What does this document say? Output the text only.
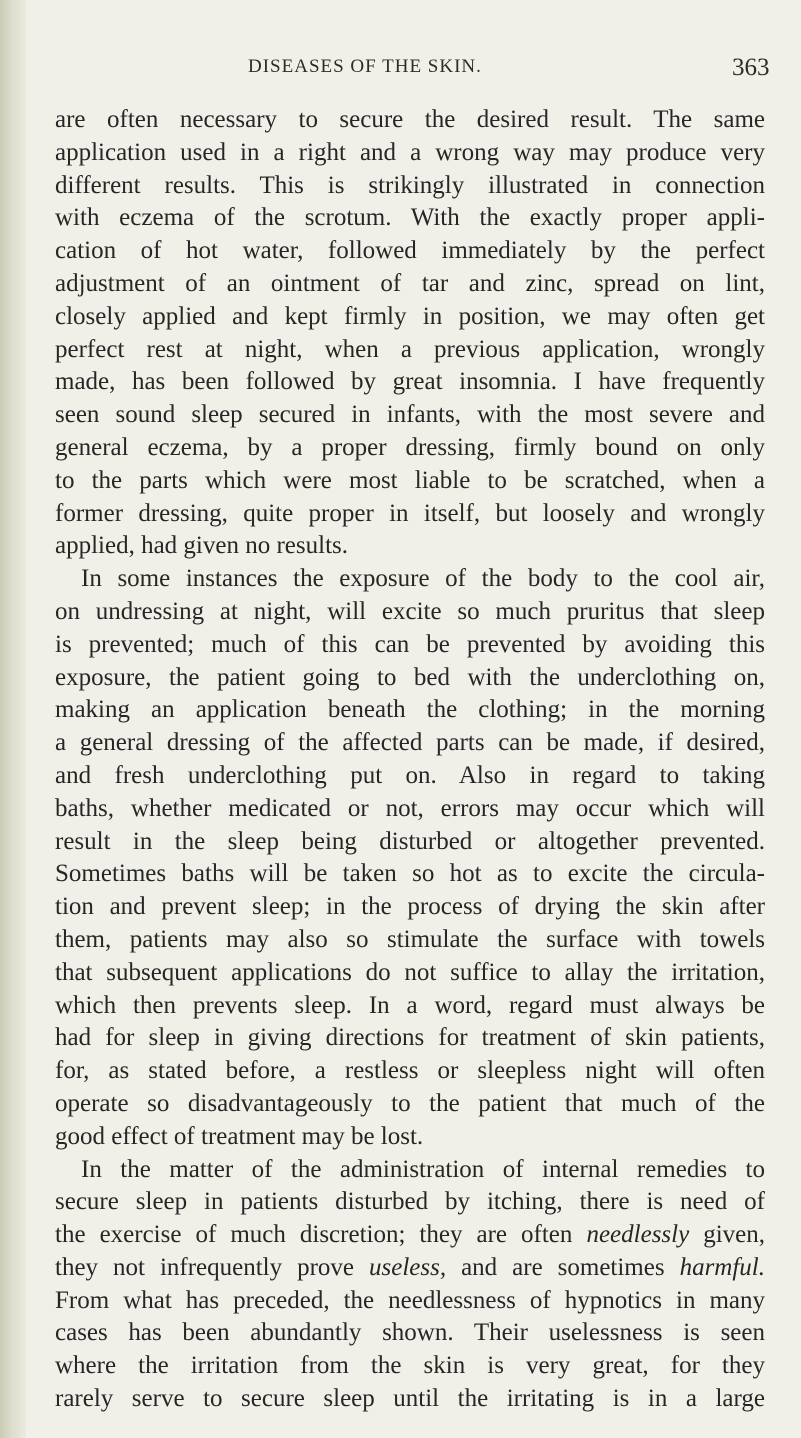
DISEASES OF THE SKIN.	363
are often necessary to secure the desired result. The same
application used in a right and a wrong way may produce very
different results. This is strikingly illustrated in connection
with eczema of the scrotum. With the exactly proper appli-
cation of hot water, followed immediately by the perfect
adjustment of an ointment of tar and zinc, spread on lint,
closely applied and kept firmly in position, we may often get
perfect rest at night, when a previous application, wrongly
made, has been followed by great insomnia. I have frequently
seen sound sleep secured in infants, with the most severe and
general eczema, by a proper dressing, firmly bound on only
to the parts which were most liable to be scratched, when a
former dressing, quite proper in itself, but loosely and wrongly
applied, had given no results.
In some instances the exposure of the body to the cool air,
on undressing at night, will excite so much pruritus that sleep
is prevented; much of this can be prevented by avoiding this
exposure, the patient going to bed with the underclothing on,
making an application beneath the clothing; in the morning
a general dressing of the affected parts can be made, if desired,
and fresh underclothing put on. Also in regard to taking
baths, whether medicated or not, errors may occur which will
result in the sleep being disturbed or altogether prevented.
Sometimes baths will be taken so hot as to excite the circula-
tion and prevent sleep; in the process of drying the skin after
them, patients may also so stimulate the surface with towels
that subsequent applications do not suffice to allay the irritation,
which then prevents sleep. In a word, regard must always be
had for sleep in giving directions for treatment of skin patients,
for, as stated before, a restless or sleepless night will often
operate so disadvantageously to the patient that much of the
good effect of treatment may be lost.
In the matter of the administration of internal remedies to
secure sleep in patients disturbed by itching, there is need of
the exercise of much discretion; they are often needlessly given,
they not infrequently prove useless, and are sometimes harmful.
From what has preceded, the needlessness of hypnotics in many
cases has been abundantly shown. Their uselessness is seen
where the irritation from the skin is very great, for they
rarely serve to secure sleep until the irritating is in a large
